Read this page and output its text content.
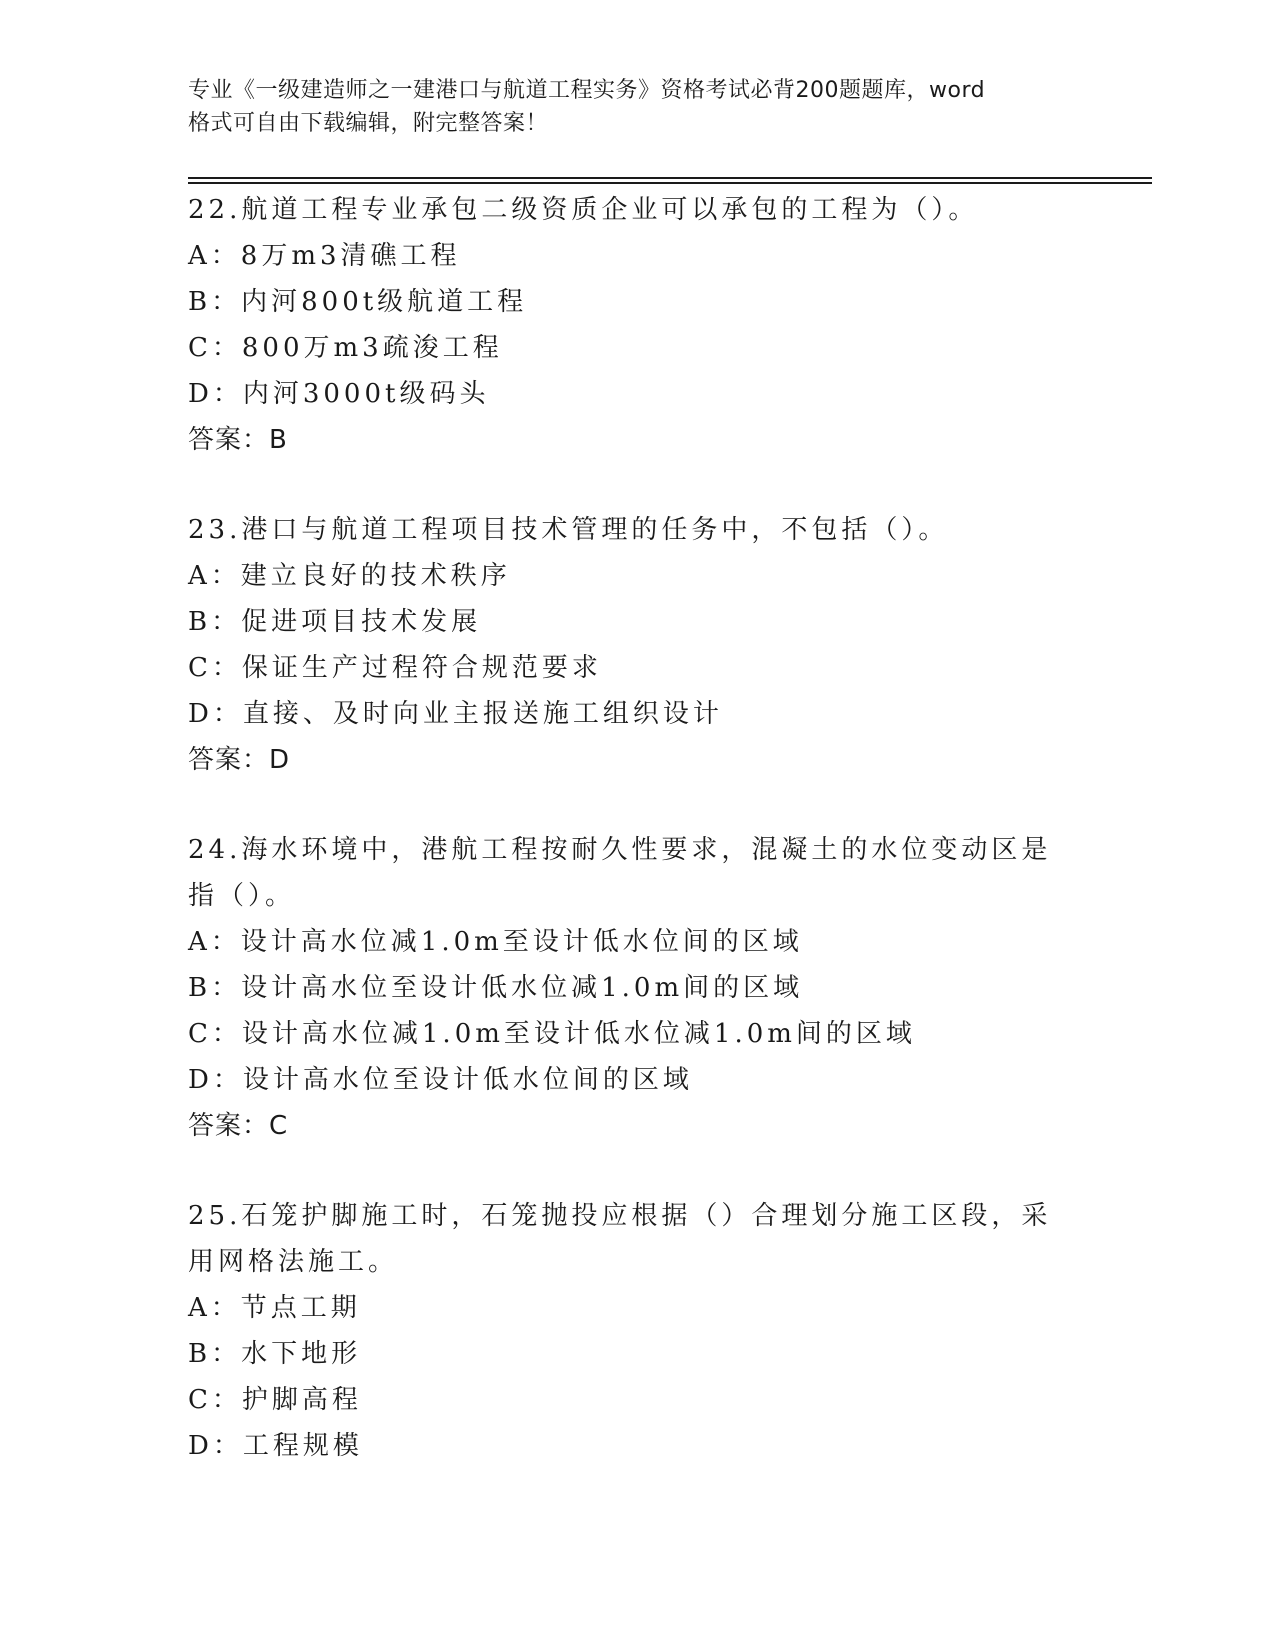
专业《一级建造师之一建港口与航道工程实务》资格考试必背200题题库，word
格式可自由下载编辑，附完整答案！
22.航道工程专业承包二级资质企业可以承包的工程为（）。
A：8万m3清礁工程
B：内河800t级航道工程
C：800万m3疏浚工程
D：内河3000t级码头
答案：B
23.港口与航道工程项目技术管理的任务中，不包括（）。
A：建立良好的技术秩序
B：促进项目技术发展
C：保证生产过程符合规范要求
D：直接、及时向业主报送施工组织设计
答案：D
24.海水环境中，港航工程按耐久性要求，混凝土的水位变动区是指（）。
A：设计高水位减1.0m至设计低水位间的区域
B：设计高水位至设计低水位减1.0m间的区域
C：设计高水位减1.0m至设计低水位减1.0m间的区域
D：设计高水位至设计低水位间的区域
答案：C
25.石笼护脚施工时，石笼抛投应根据（）合理划分施工区段，采用网格法施工。
A：节点工期
B：水下地形
C：护脚高程
D：工程规模
